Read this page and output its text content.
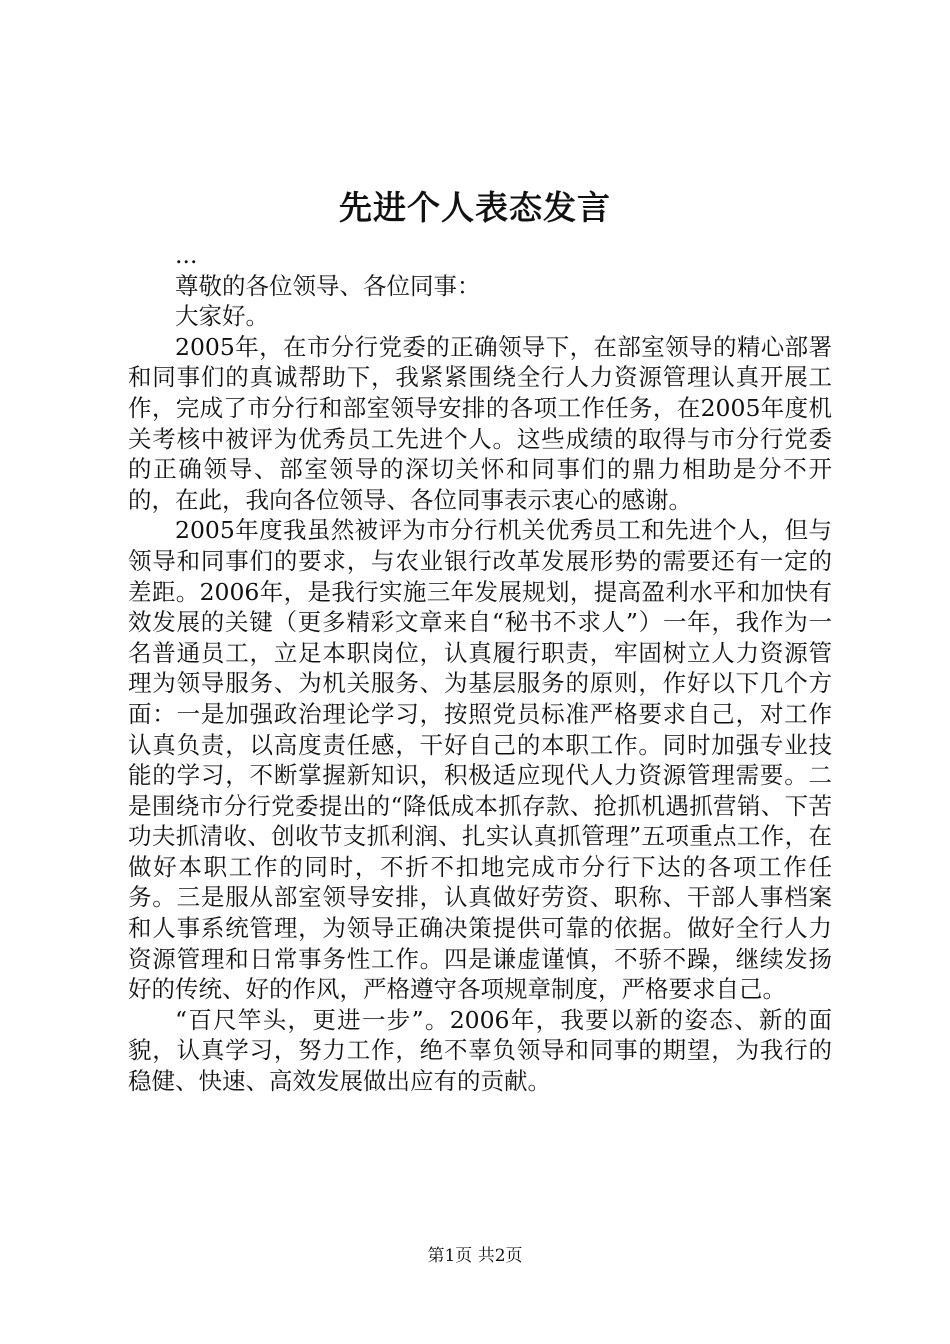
先进个人表态发言

...

尊敬的各位领导、各位同事：

大家好。

2005年，在市分行党委的正确领导下，在部室领导的精心部署和同事们的真诚帮助下，我紧紧围绕全行人力资源管理认真开展工作，完成了市分行和部室领导安排的各项工作任务，在2005年度机关考核中被评为优秀员工先进个人。这些成绩的取得与市分行党委的正确领导、部室领导的深切关怀和同事们的鼎力相助是分不开的，在此，我向各位领导、各位同事表示衷心的感谢。

2005年度我虽然被评为市分行机关优秀员工和先进个人，但与领导和同事们的要求，与农业银行改革发展形势的需要还有一定的差距。2006年，是我行实施三年发展规划，提高盈利水平和加快有效发展的关键（更多精彩文章来自“秘书不求人”）一年，我作为一名普通员工，立足本职岗位，认真履行职责，牢固树立人力资源管理为领导服务、为机关服务、为基层服务的原则，作好以下几个方面：一是加强政治理论学习，按照党员标准严格要求自己，对工作认真负责，以高度责任感，干好自己的本职工作。同时加强专业技能的学习，不断掌握新知识，积极适应现代人力资源管理需要。二是围绕市分行党委提出的“降低成本抓存款、抢抓机遇抓营销、下苦功夫抓清收、创收节支抓利润、扎实认真抓管理”五项重点工作，在做好本职工作的同时，不折不扣地完成市分行下达的各项工作任务。三是服从部室领导安排，认真做好劳资、职称、干部人事档案和人事系统管理，为领导正确决策提供可靠的依据。做好全行人力资源管理和日常事务性工作。四是谦虚谨慎，不骄不躁，继续发扬好的传统、好的作风，严格遵守各项规章制度，严格要求自己。

“百尺竿头，更进一步”。2006年，我要以新的姿态、新的面貌，认真学习，努力工作，绝不辜负领导和同事的期望，为我行的稳健、快速、高效发展做出应有的贡献。

第1页 共2页
